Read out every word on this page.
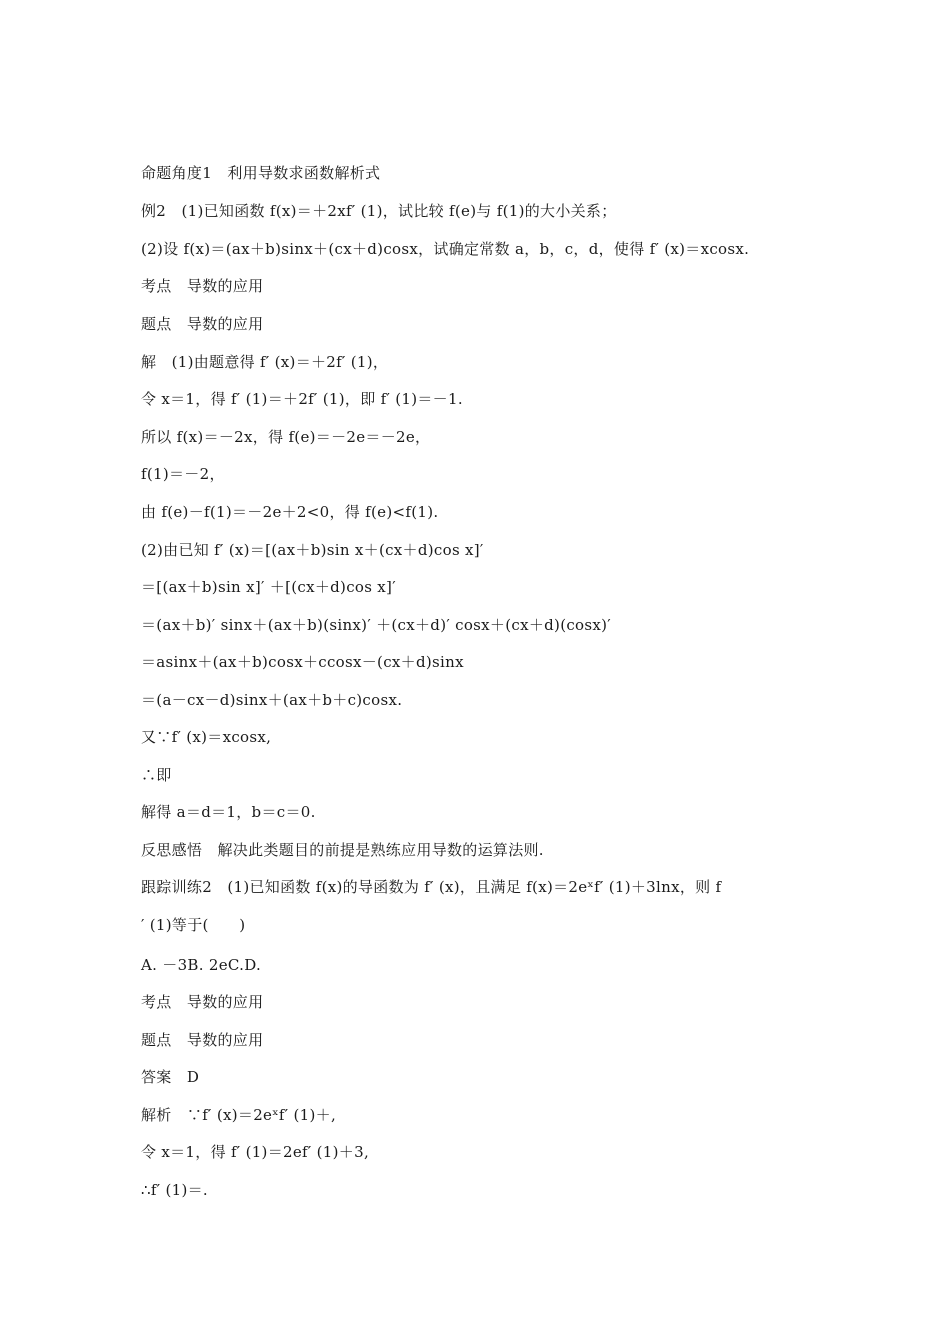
命题角度1　利用导数求函数解析式
例2　(1)已知函数 f(x)＝＋2xf′ (1)，试比较 f(e)与 f(1)的大小关系；
(2)设 f(x)＝(ax＋b)sinx＋(cx＋d)cosx，试确定常数 a，b，c，d，使得 f′ (x)＝xcosx.
考点　导数的应用
题点　导数的应用
解　(1)由题意得 f′ (x)＝＋2f′ (1)，
令 x＝1，得 f′ (1)＝＋2f′ (1)，即 f′ (1)＝－1.
所以 f(x)＝－2x，得 f(e)＝－2e＝－2e，
f(1)＝－2，
由 f(e)－f(1)＝－2e＋2<0，得 f(e)<f(1).
(2)由已知 f′ (x)＝[(ax＋b)sin x＋(cx＋d)cos x]′
＝[(ax＋b)sin x]′ ＋[(cx＋d)cos x]′
＝(ax＋b)′ sinx＋(ax＋b)(sinx)′ ＋(cx＋d)′ cosx＋(cx＋d)(cosx)′
＝asinx＋(ax＋b)cosx＋ccosx－(cx＋d)sinx
＝(a－cx－d)sinx＋(ax＋b＋c)cosx.
又∵f′ (x)＝xcosx,
∴即
解得 a＝d＝1，b＝c＝0.
反思感悟　解决此类题目的前提是熟练应用导数的运算法则.
跟踪训练2　(1)已知函数 f(x)的导函数为 f′ (x)，且满足 f(x)＝2eˣf′ (1)＋3lnx，则 f
′ (1)等于(　　)
A. －3B. 2eC.D.
考点　导数的应用
题点　导数的应用
答案　D
解析　∵f′ (x)＝2eˣf′ (1)＋,
令 x＝1，得 f′ (1)＝2ef′ (1)＋3,
∴f′ (1)＝.
